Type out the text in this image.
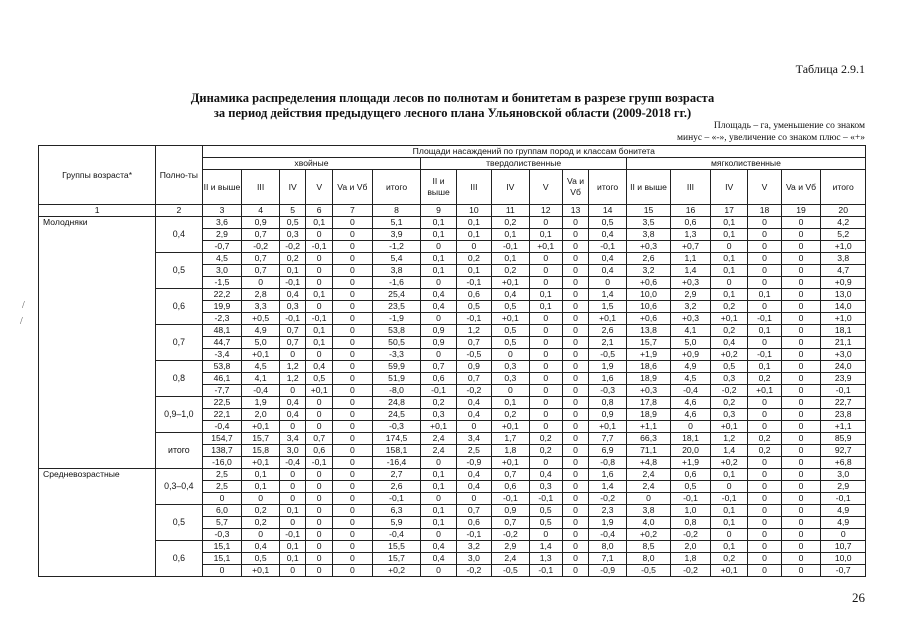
Таблица 2.9.1
Динамика распределения площади лесов по полнотам и бонитетам в разрезе групп возраста
за период действия предыдущего лесного плана Ульяновской области (2009-2018 гг.)
Площадь – га, уменьшение со знаком
минус – «-», увеличение со знаком плюс – «+»
Группы возраста*	Полно-ты	Площади насаждений по группам пород и классам бонитета																	
		хвойные						твердолиственные						мягколиственные					
		II и выше	III	IV	V	Va и Vб	итого	II и выше	III	IV	V	Va и Vб	итого	II и выше	III	IV	V	Va и Vб	итого
1	2	3	4	5	6	7	8	9	10	11	12	13	14	15	16	17	18	19	20
Молодняки	0,4	3,6	0,9	0,5	0,1	0	5,1	0,1	0,1	0,2	0	0	0,5	3,5	0,6	0,1	0	0	4,2
		2,9	0,7	0,3	0	0	3,9	0,1	0,1	0,1	0,1	0	0,4	3,8	1,3	0,1	0	0	5,2
		-0,7	-0,2	-0,2	-0,1	0	-1,2	0	0	-0,1	+0,1	0	-0,1	+0,3	+0,7	0	0	0	+1,0
	0,5	4,5	0,7	0,2	0	0	5,4	0,1	0,2	0,1	0	0	0,4	2,6	1,1	0,1	0	0	3,8
		3,0	0,7	0,1	0	0	3,8	0,1	0,1	0,2	0	0	0,4	3,2	1,4	0,1	0	0	4,7
		-1,5	0	-0,1	0	0	-1,6	0	-0,1	+0,1	0	0	0	+0,6	+0,3	0	0	0	+0,9
	0,6	22,2	2,8	0,4	0,1	0	25,4	0,4	0,6	0,4	0,1	0	1,4	10,0	2,9	0,1	0,1	0	13,0
		19,9	3,3	0,3	0	0	23,5	0,4	0,5	0,5	0,1	0	1,5	10,6	3,2	0,2	0	0	14,0
		-2,3	+0,5	-0,1	-0,1	0	-1,9	0	-0,1	+0,1	0	0	+0,1	+0,6	+0,3	+0,1	-0,1	0	+1,0
	0,7	48,1	4,9	0,7	0,1	0	53,8	0,9	1,2	0,5	0	0	2,6	13,8	4,1	0,2	0,1	0	18,1
		44,7	5,0	0,7	0,1	0	50,5	0,9	0,7	0,5	0	0	2,1	15,7	5,0	0,4	0	0	21,1
		-3,4	+0,1	0	0	0	-3,3	0	-0,5	0	0	0	-0,5	+1,9	+0,9	+0,2	-0,1	0	+3,0
	0,8	53,8	4,5	1,2	0,4	0	59,9	0,7	0,9	0,3	0	0	1,9	18,6	4,9	0,5	0,1	0	24,0
		46,1	4,1	1,2	0,5	0	51,9	0,6	0,7	0,3	0	0	1,6	18,9	4,5	0,3	0,2	0	23,9
		-7,7	-0,4	0	+0,1	0	-8,0	-0,1	-0,2	0	0	0	-0,3	+0,3	-0,4	-0,2	+0,1	0	-0,1
	0,9–1,0	22,5	1,9	0,4	0	0	24,8	0,2	0,4	0,1	0	0	0,8	17,8	4,6	0,2	0	0	22,7
		22,1	2,0	0,4	0	0	24,5	0,3	0,4	0,2	0	0	0,9	18,9	4,6	0,3	0	0	23,8
		-0,4	+0,1	0	0	0	-0,3	+0,1	0	+0,1	0	0	+0,1	+1,1	0	+0,1	0	0	+1,1
	итого	154,7	15,7	3,4	0,7	0	174,5	2,4	3,4	1,7	0,2	0	7,7	66,3	18,1	1,2	0,2	0	85,9
		138,7	15,8	3,0	0,6	0	158,1	2,4	2,5	1,8	0,2	0	6,9	71,1	20,0	1,4	0,2	0	92,7
		-16,0	+0,1	-0,4	-0,1	0	-16,4	0	-0,9	+0,1	0	0	-0,8	+4,8	+1,9	+0,2	0	0	+6,8
Средневозрастные	0,3–0,4	2,5	0,1	0	0	0	2,7	0,1	0,4	0,7	0,4	0	1,6	2,4	0,6	0,1	0	0	3,0
		2,5	0,1	0	0	0	2,6	0,1	0,4	0,6	0,3	0	1,4	2,4	0,5	0	0	0	2,9
		0	0	0	0	0	-0,1	0	0	-0,1	-0,1	0	-0,2	0	-0,1	-0,1	0	0	-0,1
	0,5	6,0	0,2	0,1	0	0	6,3	0,1	0,7	0,9	0,5	0	2,3	3,8	1,0	0,1	0	0	4,9
		5,7	0,2	0	0	0	5,9	0,1	0,6	0,7	0,5	0	1,9	4,0	0,8	0,1	0	0	4,9
		-0,3	0	-0,1	0	0	-0,4	0	-0,1	-0,2	0	0	-0,4	+0,2	-0,2	0	0	0	0
	0,6	15,1	0,4	0,1	0	0	15,5	0,4	3,2	2,9	1,4	0	8,0	8,5	2,0	0,1	0	0	10,7
		15,1	0,5	0,1	0	0	15,7	0,4	3,0	2,4	1,3	0	7,1	8,0	1,8	0,2	0	0	10,0
		0	+0,1	0	0	0	+0,2	0	-0,2	-0,5	-0,1	0	-0,9	-0,5	-0,2	+0,1	0	0	-0,7
26
/
/
